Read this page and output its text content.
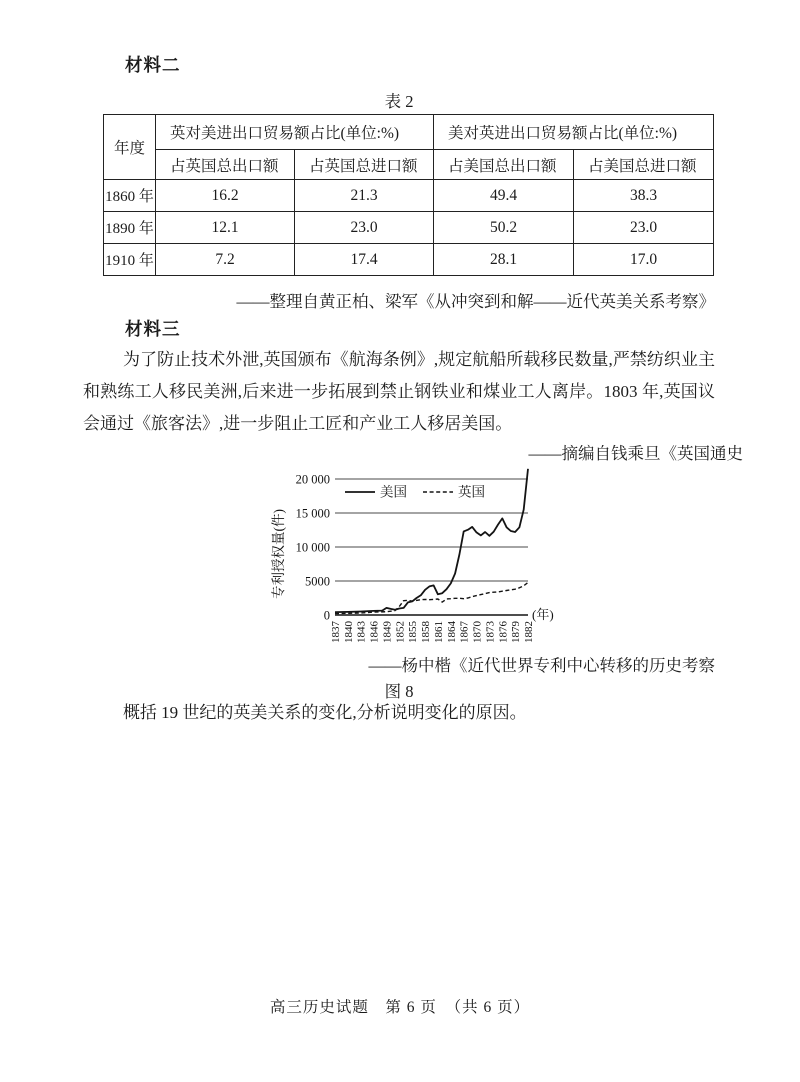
材料二
表 2
年度	英对美进出口贸易额占比(单位:%)		美对英进出口贸易额占比(单位:%)	
	占英国总出口额	占英国总进口额	占美国总出口额	占美国总进口额
1860 年	16.2	21.3	49.4	38.3
1890 年	12.1	23.0	50.2	23.0
1910 年	7.2	17.4	28.1	17.0
——整理自黄正柏、梁军《从冲突到和解——近代英美关系考察》
材料三
为了防止技术外泄,英国颁布《航海条例》,规定航船所载移民数量,严禁纺织业主和熟练工人移民美洲,后来进一步拓展到禁止钢铁业和煤业工人离岸。1803 年,英国议会通过《旅客法》,进一步阻止工匠和产业工人移居美国。
——摘编自钱乘旦《英国通史
0
5000
10 000
15 000
20 000
1837 1840 1843 1846 1849 1852 1855 1858 1861 1864 1867 1870 1873 1876 1879 1882
(年)
专利授权量(件)
美国	英国
——杨中楷《近代世界专利中心转移的历史考察
图 8
概括 19 世纪的英美关系的变化,分析说明变化的原因。
高三历史试题　第 6 页　（共 6 页）
